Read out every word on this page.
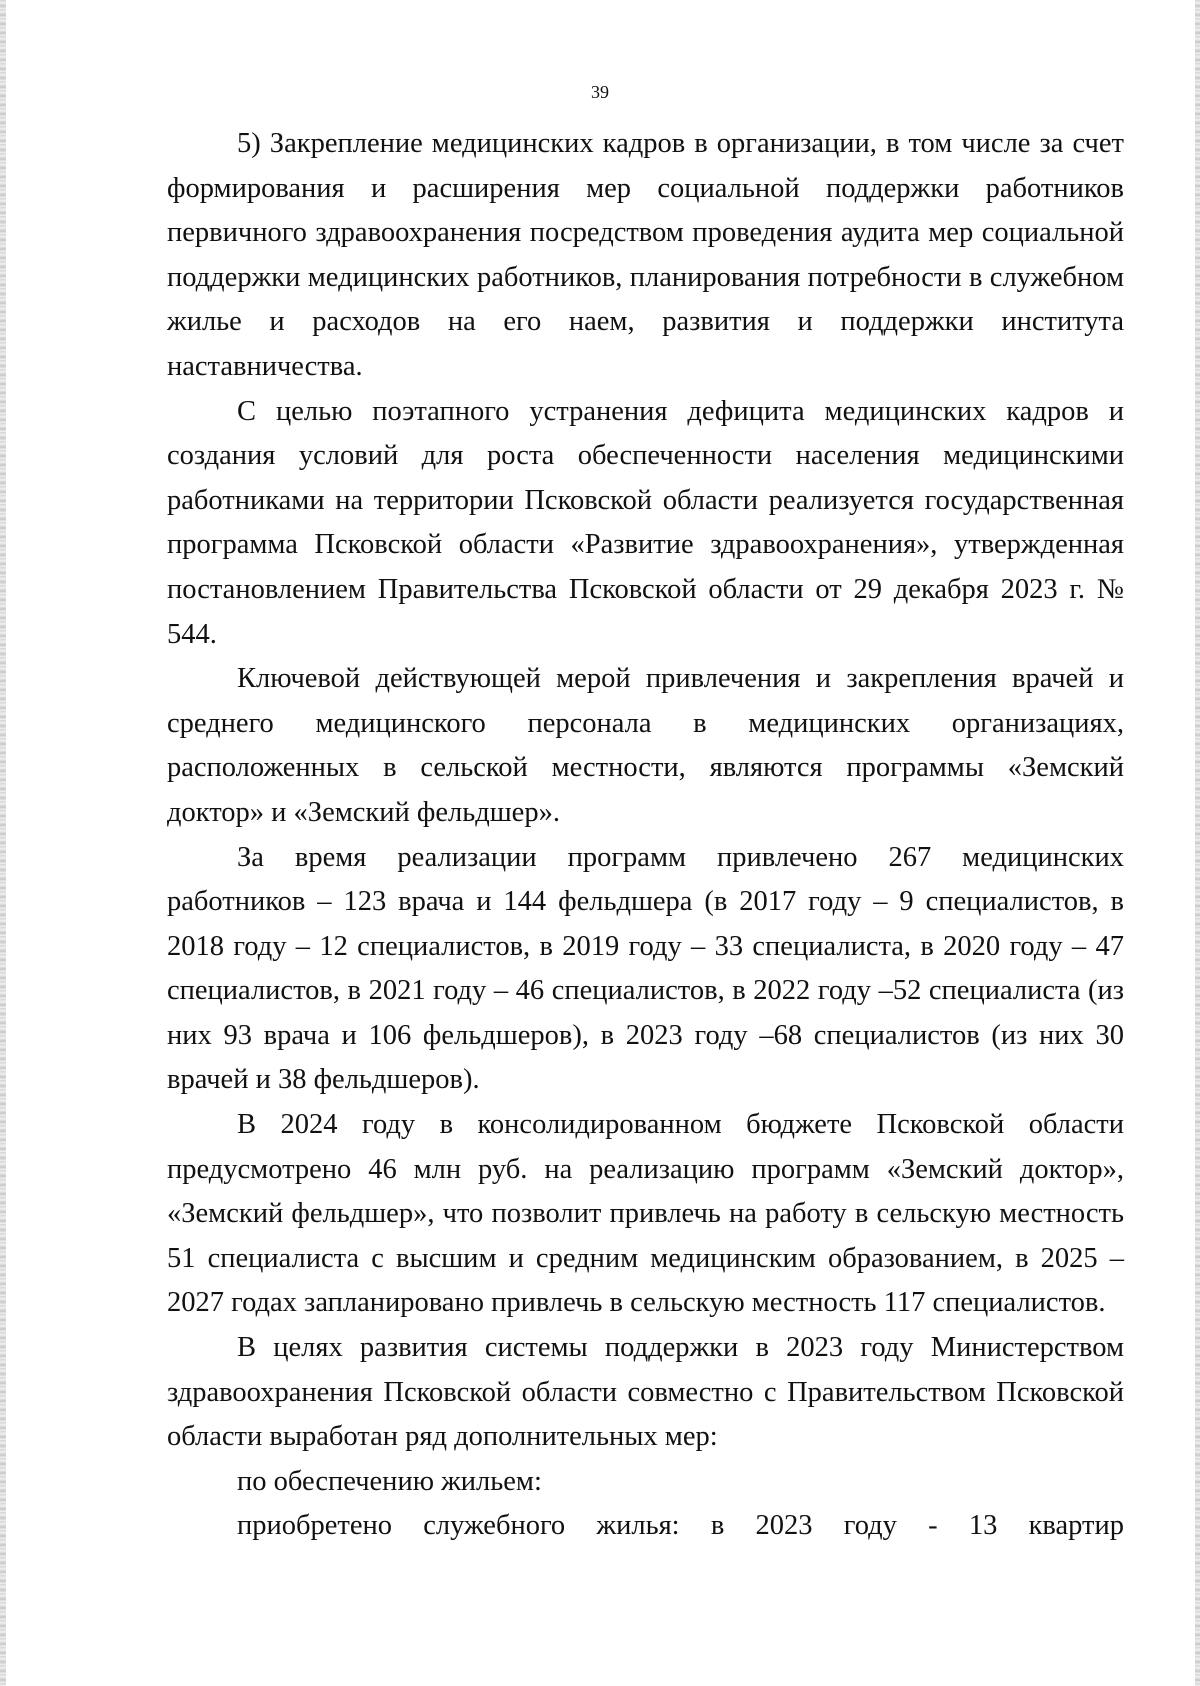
39

5) Закрепление медицинских кадров в организации, в том числе за счет формирования и расширения мер социальной поддержки работников первичного здравоохранения посредством проведения аудита мер социальной поддержки медицинских работников, планирования потребности в служебном жилье и расходов на его наем, развития и поддержки института наставничества.

С целью поэтапного устранения дефицита медицинских кадров и создания условий для роста обеспеченности населения медицинскими работниками на территории Псковской области реализуется государственная программа Псковской области «Развитие здравоохранения», утвержденная постановлением Правительства Псковской области от 29 декабря 2023 г. № 544.

Ключевой действующей мерой привлечения и закрепления врачей и среднего медицинского персонала в медицинских организациях, расположенных в сельской местности, являются программы «Земский доктор» и «Земский фельдшер».

За время реализации программ привлечено 267 медицинских работников – 123 врача и 144 фельдшера (в 2017 году – 9 специалистов, в 2018 году – 12 специалистов, в 2019 году – 33 специалиста, в 2020 году – 47 специалистов, в 2021 году – 46 специалистов, в 2022 году –52 специалиста (из них 93 врача и 106 фельдшеров), в 2023 году –68 специалистов (из них 30 врачей и 38 фельдшеров).

В 2024 году в консолидированном бюджете Псковской области предусмотрено 46 млн руб. на реализацию программ «Земский доктор», «Земский фельдшер», что позволит привлечь на работу в сельскую местность 51 специалиста с высшим и средним медицинским образованием, в 2025 – 2027 годах запланировано привлечь в сельскую местность 117 специалистов.

В целях развития системы поддержки в 2023 году Министерством здравоохранения Псковской области совместно с Правительством Псковской области выработан ряд дополнительных мер:

по обеспечению жильем:

приобретено служебного жилья: в 2023 году - 13 квартир
